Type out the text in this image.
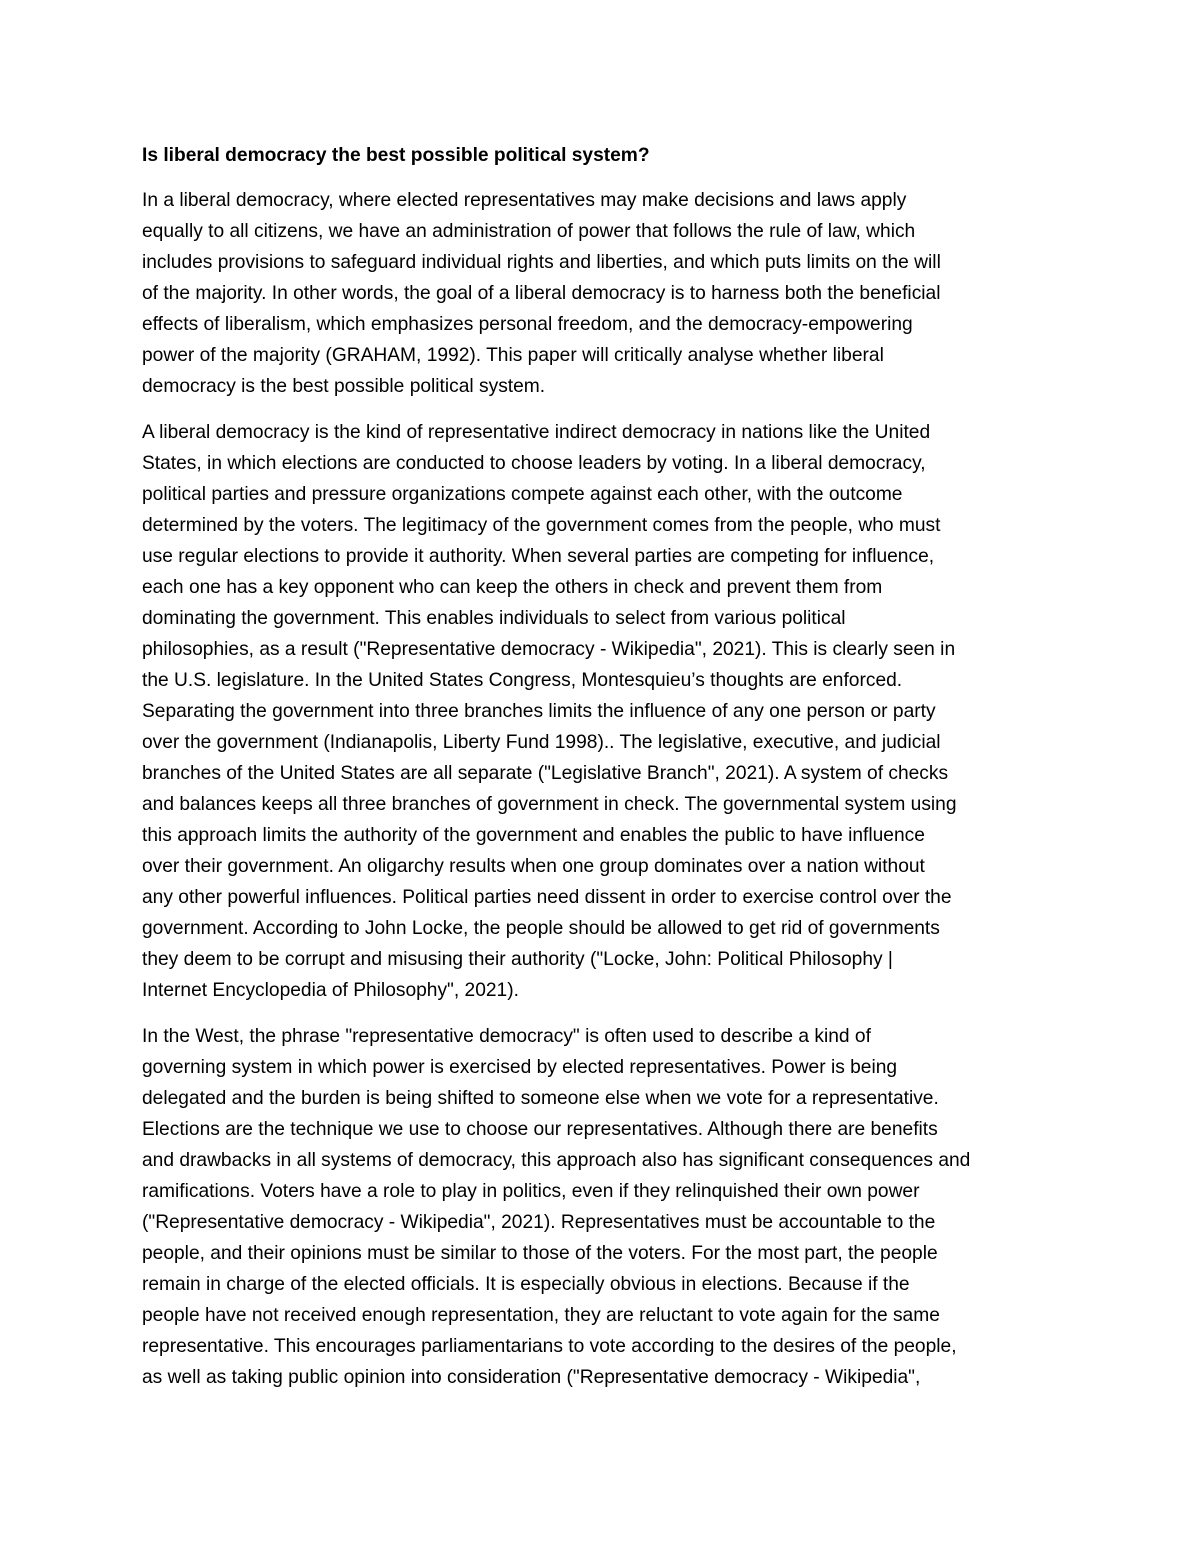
Is liberal democracy the best possible political system?
In a liberal democracy, where elected representatives may make decisions and laws apply
equally to all citizens, we have an administration of power that follows the rule of law, which
includes provisions to safeguard individual rights and liberties, and which puts limits on the will
of the majority. In other words, the goal of a liberal democracy is to harness both the beneficial
effects of liberalism, which emphasizes personal freedom, and the democracy-empowering
power of the majority (GRAHAM, 1992). This paper will critically analyse whether liberal
democracy is the best possible political system.
A liberal democracy is the kind of representative indirect democracy in nations like the United
States, in which elections are conducted to choose leaders by voting. In a liberal democracy,
political parties and pressure organizations compete against each other, with the outcome
determined by the voters. The legitimacy of the government comes from the people, who must
use regular elections to provide it authority. When several parties are competing for influence,
each one has a key opponent who can keep the others in check and prevent them from
dominating the government. This enables individuals to select from various political
philosophies, as a result ("Representative democracy - Wikipedia", 2021). This is clearly seen in
the U.S. legislature. In the United States Congress, Montesquieu’s thoughts are enforced.
Separating the government into three branches limits the influence of any one person or party
over the government (Indianapolis, Liberty Fund 1998).. The legislative, executive, and judicial
branches of the United States are all separate ("Legislative Branch", 2021). A system of checks
and balances keeps all three branches of government in check. The governmental system using
this approach limits the authority of the government and enables the public to have influence
over their government. An oligarchy results when one group dominates over a nation without
any other powerful influences. Political parties need dissent in order to exercise control over the
government. According to John Locke, the people should be allowed to get rid of governments
they deem to be corrupt and misusing their authority ("Locke, John: Political Philosophy |
Internet Encyclopedia of Philosophy", 2021).
In the West, the phrase "representative democracy" is often used to describe a kind of
governing system in which power is exercised by elected representatives. Power is being
delegated and the burden is being shifted to someone else when we vote for a representative.
Elections are the technique we use to choose our representatives. Although there are benefits
and drawbacks in all systems of democracy, this approach also has significant consequences and
ramifications. Voters have a role to play in politics, even if they relinquished their own power
("Representative democracy - Wikipedia", 2021). Representatives must be accountable to the
people, and their opinions must be similar to those of the voters. For the most part, the people
remain in charge of the elected officials. It is especially obvious in elections. Because if the
people have not received enough representation, they are reluctant to vote again for the same
representative. This encourages parliamentarians to vote according to the desires of the people,
as well as taking public opinion into consideration ("Representative democracy - Wikipedia",
